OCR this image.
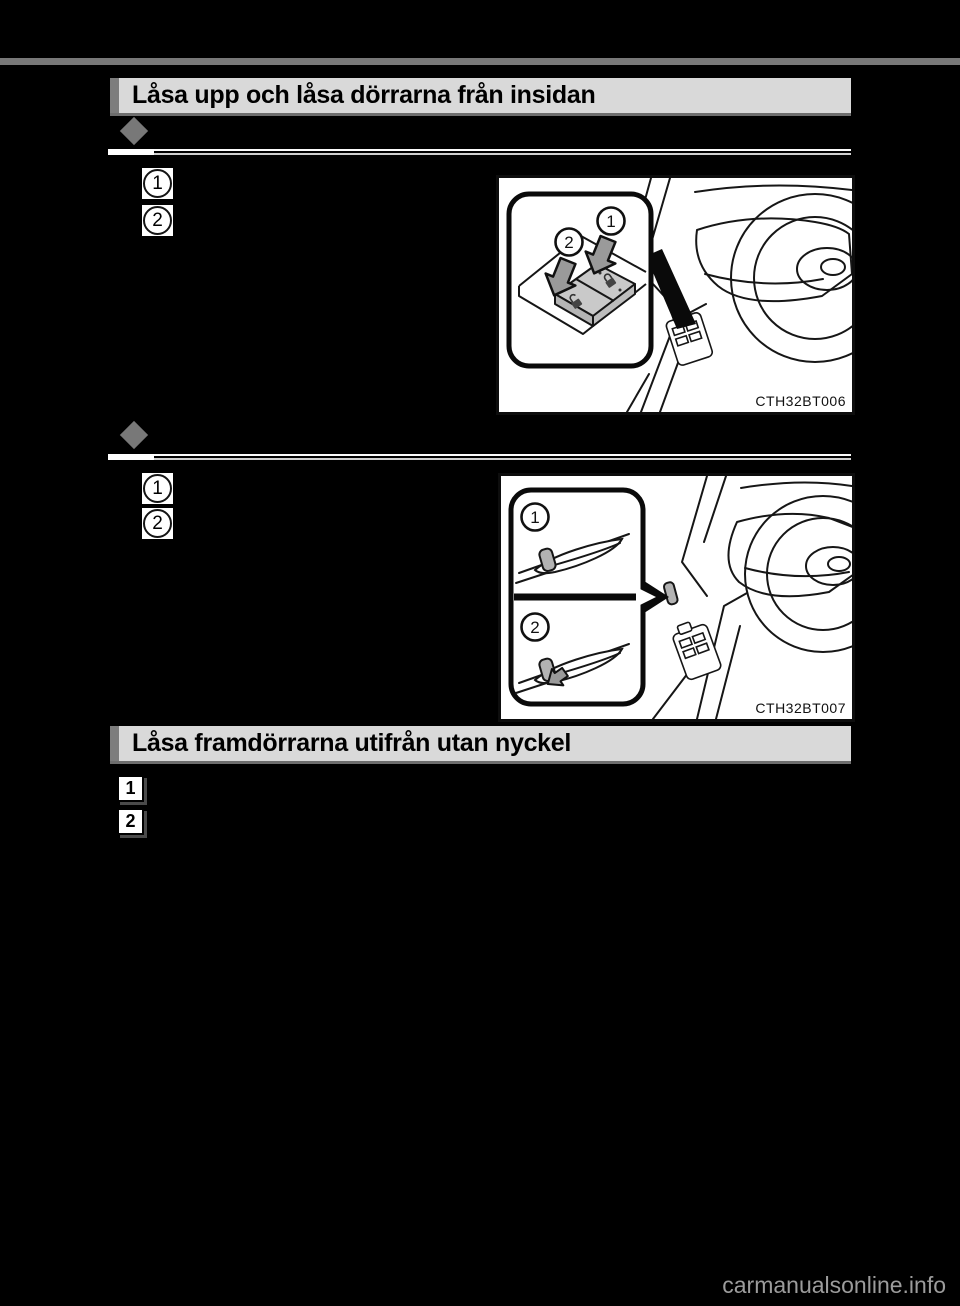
Låsa upp och låsa dörrarna från insidan
1
2	1
2
CTH32BT006
1
2	1
2
CTH32BT007
Låsa framdörrarna utifrån utan nyckel
1
2
carmanualsonline.info
